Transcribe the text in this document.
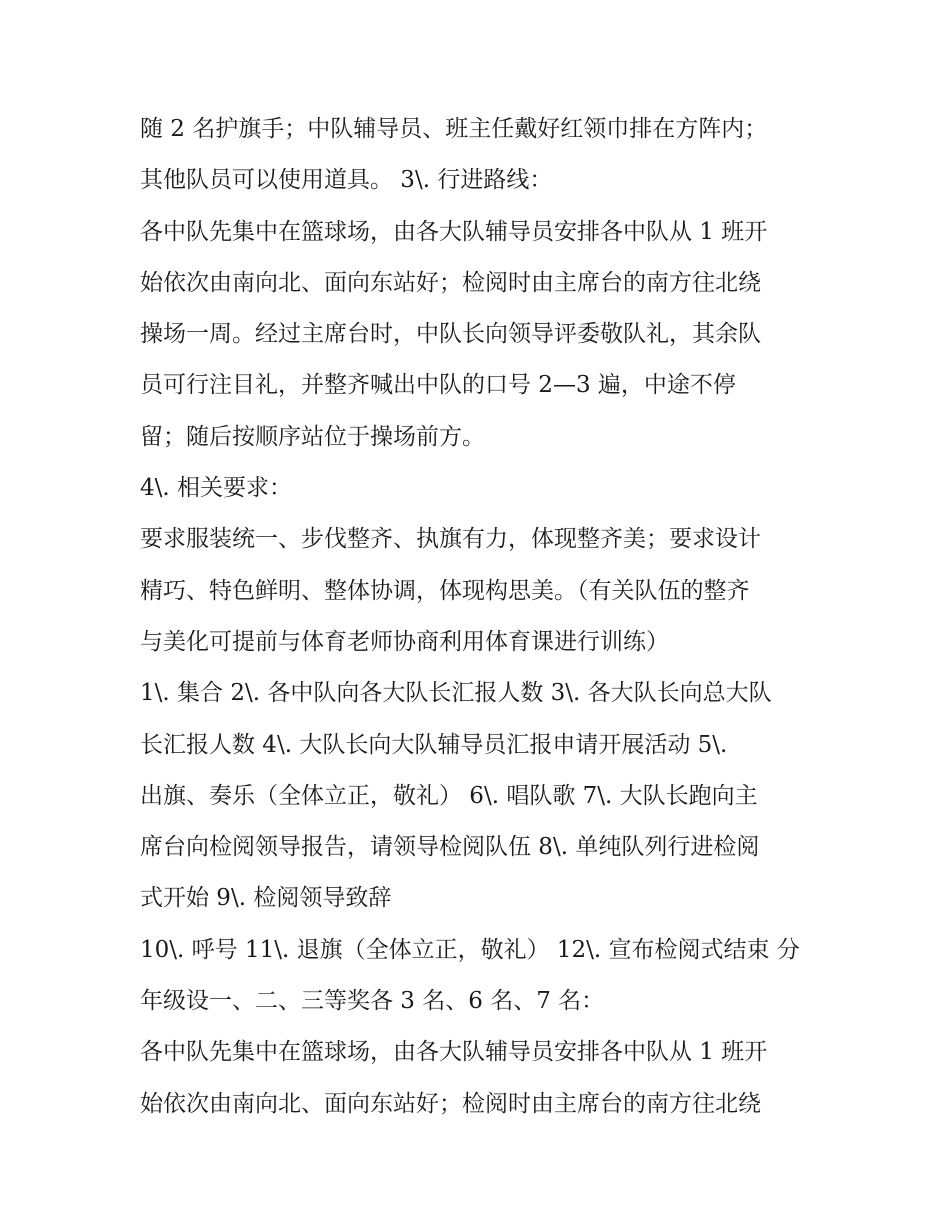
随 2 名护旗手；中队辅导员、班主任戴好红领巾排在方阵内；
其他队员可以使用道具。 3\. 行进路线：
各中队先集中在篮球场，由各大队辅导员安排各中队从 1 班开
始依次由南向北、面向东站好；检阅时由主席台的南方往北绕
操场一周。经过主席台时，中队长向领导评委敬队礼，其余队
员可行注目礼，并整齐喊出中队的口号 2—3 遍，中途不停
留；随后按顺序站位于操场前方。
4\. 相关要求：
要求服装统一、步伐整齐、执旗有力，体现整齐美；要求设计
精巧、特色鲜明、整体协调，体现构思美。（有关队伍的整齐
与美化可提前与体育老师协商利用体育课进行训练）
1\. 集合 2\. 各中队向各大队长汇报人数 3\. 各大队长向总大队
长汇报人数 4\. 大队长向大队辅导员汇报申请开展活动 5\.
出旗、奏乐（全体立正，敬礼） 6\. 唱队歌 7\. 大队长跑向主
席台向检阅领导报告，请领导检阅队伍 8\. 单纯队列行进检阅
式开始 9\. 检阅领导致辞
10\. 呼号 11\. 退旗（全体立正，敬礼） 12\. 宣布检阅式结束 分
年级设一、二、三等奖各 3 名、6 名、7 名：
各中队先集中在篮球场，由各大队辅导员安排各中队从 1 班开
始依次由南向北、面向东站好；检阅时由主席台的南方往北绕
